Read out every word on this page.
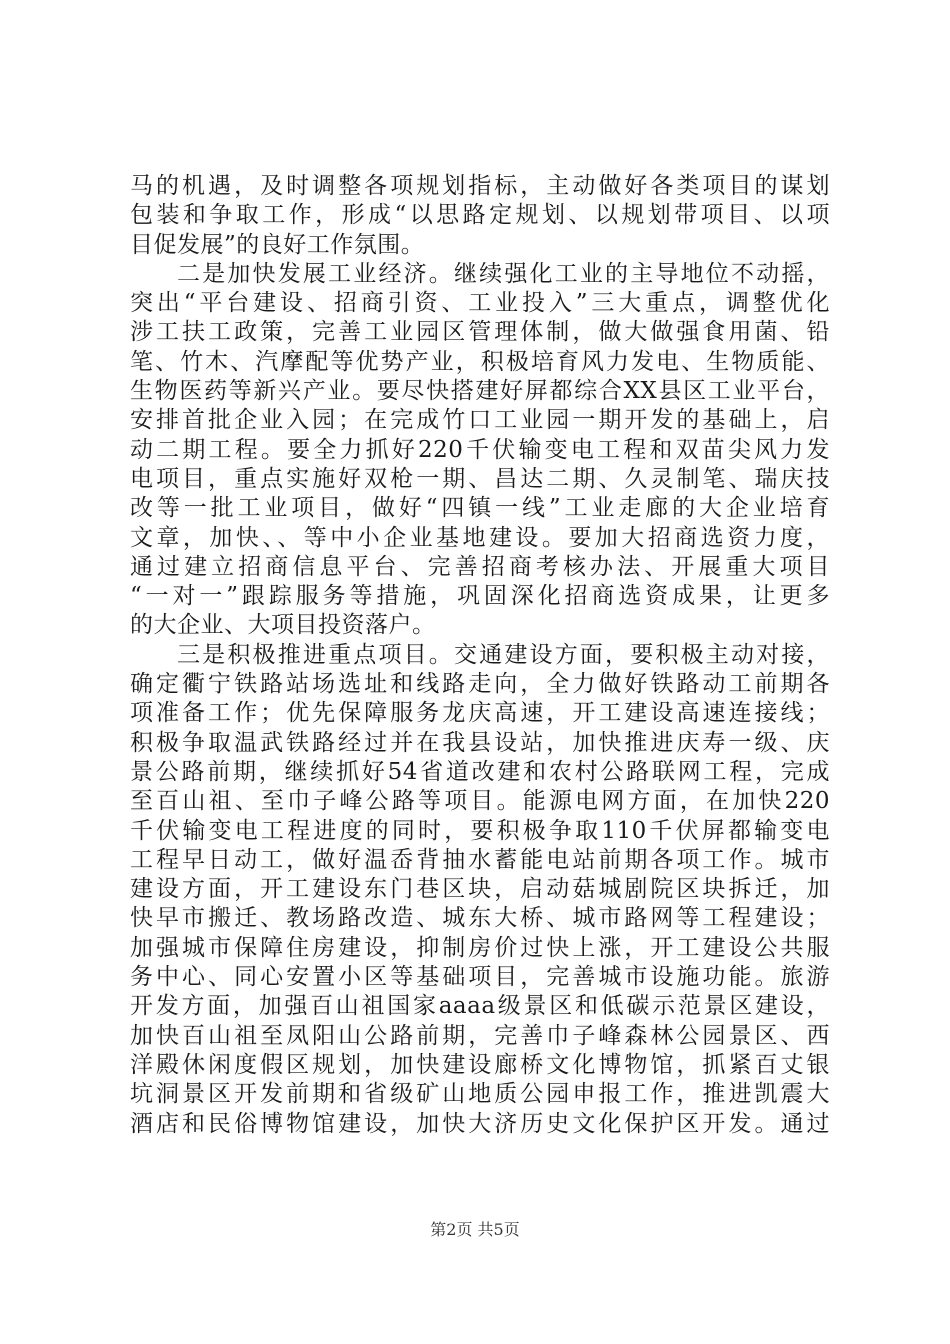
马的机遇，及时调整各项规划指标，主动做好各类项目的谋划
包装和争取工作，形成“以思路定规划、以规划带项目、以项
目促发展”的良好工作氛围。
二是加快发展工业经济。继续强化工业的主导地位不动摇，
突出“平台建设、招商引资、工业投入”三大重点，调整优化
涉工扶工政策，完善工业园区管理体制，做大做强食用菌、铅
笔、竹木、汽摩配等优势产业，积极培育风力发电、生物质能、
生物医药等新兴产业。要尽快搭建好屏都综合XX县区工业平台，
安排首批企业入园；在完成竹口工业园一期开发的基础上，启
动二期工程。要全力抓好220千伏输变电工程和双苗尖风力发
电项目，重点实施好双枪一期、昌达二期、久灵制笔、瑞庆技
改等一批工业项目，做好“四镇一线”工业走廊的大企业培育
文章，加快、、等中小企业基地建设。要加大招商选资力度，
通过建立招商信息平台、完善招商考核办法、开展重大项目
“一对一”跟踪服务等措施，巩固深化招商选资成果，让更多
的大企业、大项目投资落户。
三是积极推进重点项目。交通建设方面，要积极主动对接，
确定衢宁铁路站场选址和线路走向，全力做好铁路动工前期各
项准备工作；优先保障服务龙庆高速，开工建设高速连接线；
积极争取温武铁路经过并在我县设站，加快推进庆寿一级、庆
景公路前期，继续抓好54省道改建和农村公路联网工程，完成
至百山祖、至巾子峰公路等项目。能源电网方面，在加快220
千伏输变电工程进度的同时，要积极争取110千伏屏都输变电
工程早日动工，做好温岙背抽水蓄能电站前期各项工作。城市
建设方面，开工建设东门巷区块，启动菇城剧院区块拆迁，加
快早市搬迁、教场路改造、城东大桥、城市路网等工程建设；
加强城市保障住房建设，抑制房价过快上涨，开工建设公共服
务中心、同心安置小区等基础项目，完善城市设施功能。旅游
开发方面，加强百山祖国家aaaa级景区和低碳示范景区建设，
加快百山祖至凤阳山公路前期，完善巾子峰森林公园景区、西
洋殿休闲度假区规划，加快建设廊桥文化博物馆，抓紧百丈银
坑洞景区开发前期和省级矿山地质公园申报工作，推进凯震大
酒店和民俗博物馆建设，加快大济历史文化保护区开发。通过
第2页 共5页
